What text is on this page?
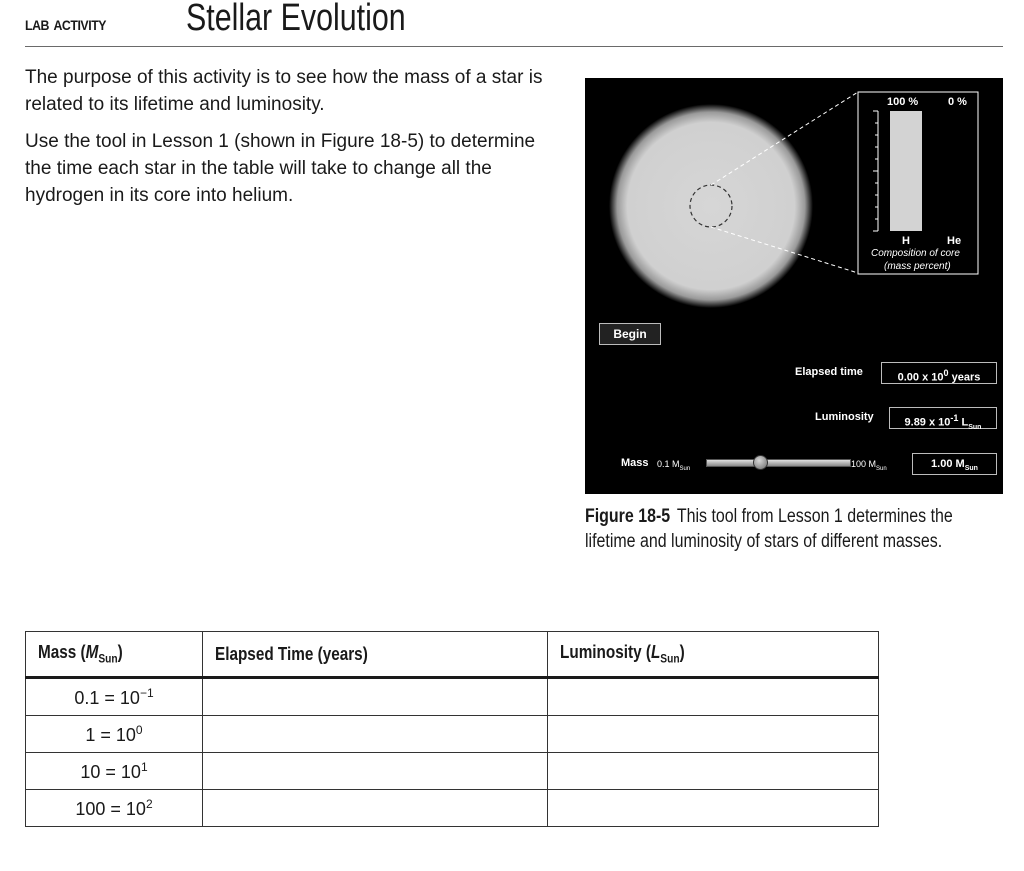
lab activity Stellar Evolution

The purpose of this activity is to see how the mass of a star is related to its lifetime and luminosity.

Use the tool in Lesson 1 (shown in Figure 18-5) to determine the time each star in the table will take to change all the hydrogen in its core into helium.

100 %	0 %
H	He
Composition of core
(mass percent)
Begin
Elapsed time	0.00 x $10^0$ years
Luminosity	9.89 x $10^{-1}$ $L_{Sun}$
Mass 0.1 $M_{Sun}$	100 $M_{Sun}$	1.00 $M_{Sun}$
Figure 18-5 This tool from Lesson 1 determines the lifetime and luminosity of stars of different masses.
Mass $(M_{Sun})$	Elapsed Time (years)	Luminosity $(L_{Sun})$
$0.1 = 10^{-1}$		
$1 = 10^0$		
$10 = 10^1$		
$100 = 10^2$		
